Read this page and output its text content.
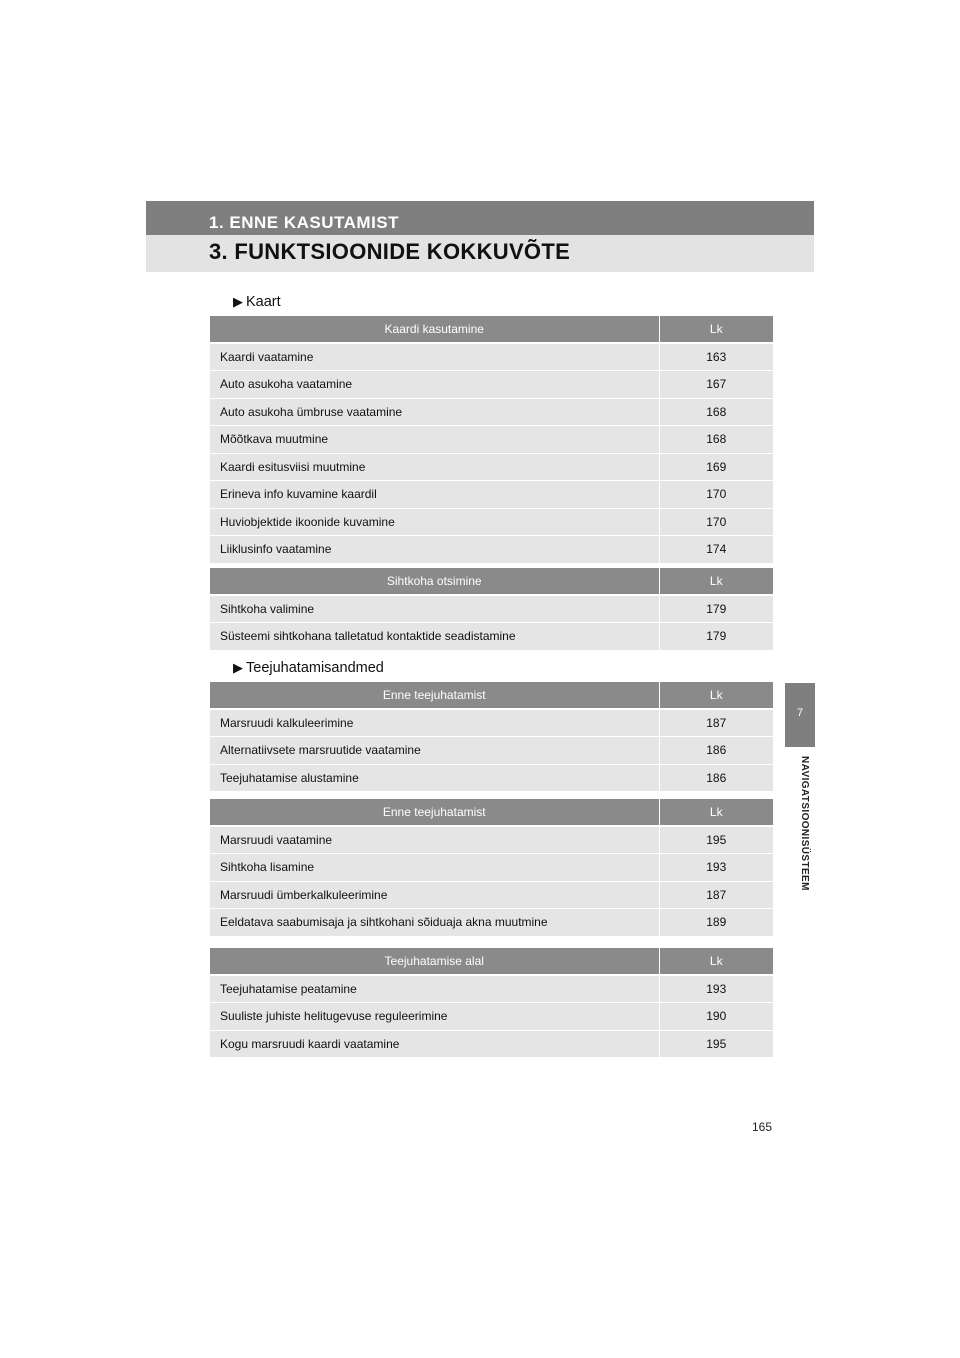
1. ENNE KASUTAMIST
3. FUNKTSIOONIDE KOKKUVÕTE
7
NAVIGATSIOONISÜSTEEM
▶ Kaart
▶ Teejuhatamisandmed
Kaardi kasutamine	Lk
Kaardi vaatamine	163
Auto asukoha vaatamine	167
Auto asukoha ümbruse vaatamine	168
Mõõtkava muutmine	168
Kaardi esitusviisi muutmine	169
Erineva info kuvamine kaardil	170
Huviobjektide ikoonide kuvamine	170
Liiklusinfo vaatamine	174
Sihtkoha otsimine	Lk
Sihtkoha valimine	179
Süsteemi sihtkohana talletatud kontaktide seadistamine	179
Enne teejuhatamist	Lk
Marsruudi kalkuleerimine	187
Alternatiivsete marsruutide vaatamine	186
Teejuhatamise alustamine	186
Enne teejuhatamist	Lk
Marsruudi vaatamine	195
Sihtkoha lisamine	193
Marsruudi ümberkalkuleerimine	187
Eeldatava saabumisaja ja sihtkohani sõiduaja akna muutmine	189
Teejuhatamise alal	Lk
Teejuhatamise peatamine	193
Suuliste juhiste helitugevuse reguleerimine	190
Kogu marsruudi kaardi vaatamine	195
165
